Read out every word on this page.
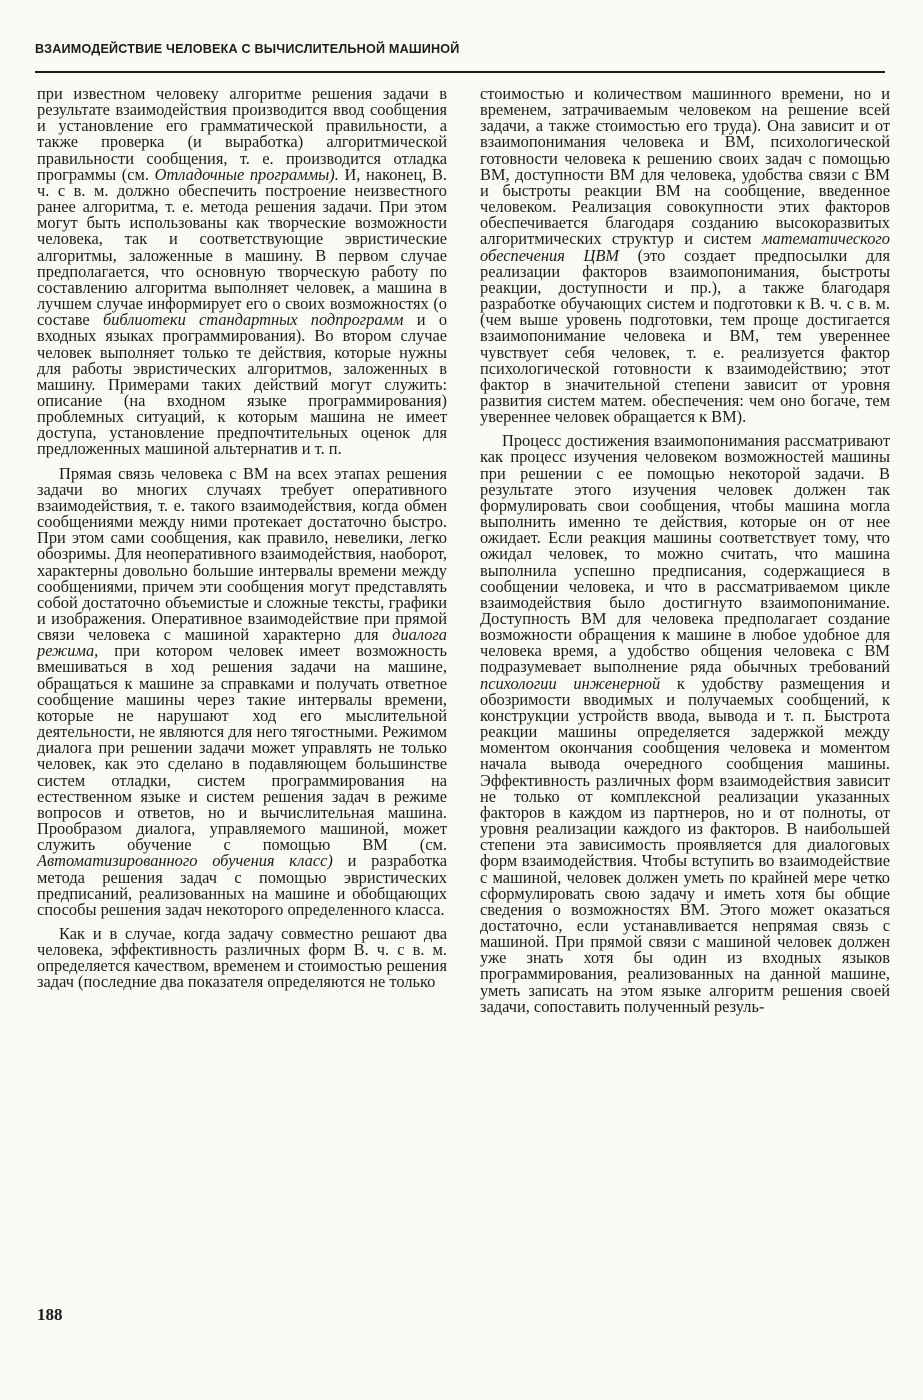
ВЗАИМОДЕЙСТВИЕ ЧЕЛОВЕКА С ВЫЧИСЛИТЕЛЬНОЙ МАШИНОЙ

при известном человеку алгоритме решения задачи в результате взаимодействия производится ввод сообщения и установление его грамматической правильности, а также проверка (и выработка) алгоритмической правильности сообщения, т. е. производится отладка программы (см. Отладочные программы). И, наконец, В. ч. с в. м. должно обеспечить построение неизвестного ранее алгоритма, т. е. метода решения задачи. При этом могут быть использованы как творческие возможности человека, так и соответствующие эвристические алгоритмы, заложенные в машину. В первом случае предполагается, что основную творческую работу по составлению алгоритма выполняет человек, а машина в лучшем случае информирует его о своих возможностях (о составе библиотеки стандартных подпрограмм и о входных языках программирования). Во втором случае человек выполняет только те действия, которые нужны для работы эвристических алгоритмов, заложенных в машину. Примерами таких действий могут служить: описание (на входном языке программирования) проблемных ситуаций, к которым машина не имеет доступа, установление предпочтительных оценок для предложенных машиной альтернатив и т. п.

Прямая связь человека с ВМ на всех этапах решения задачи во многих случаях требует оперативного взаимодействия, т. е. такого взаимодействия, когда обмен сообщениями между ними протекает достаточно быстро. При этом сами сообщения, как правило, невелики, легко обозримы. Для неоперативного взаимодействия, наоборот, характерны довольно большие интервалы времени между сообщениями, причем эти сообщения могут представлять собой достаточно объемистые и сложные тексты, графики и изображения. Оперативное взаимодействие при прямой связи человека с машиной характерно для диалога режима, при котором человек имеет возможность вмешиваться в ход решения задачи на машине, обращаться к машине за справками и получать ответное сообщение машины через такие интервалы времени, которые не нарушают ход его мыслительной деятельности, не являются для него тягостными. Режимом диалога при решении задачи может управлять не только человек, как это сделано в подавляющем большинстве систем отладки, систем программирования на естественном языке и систем решения задач в режиме вопросов и ответов, но и вычислительная машина. Прообразом диалога, управляемого машиной, может служить обучение с помощью ВМ (см. Автоматизированного обучения класс) и разработка метода решения задач с помощью эвристических предписаний, реализованных на машине и обобщающих способы решения задач некоторого определенного класса.

Как и в случае, когда задачу совместно решают два человека, эффективность различных форм В. ч. с в. м. определяется качеством, временем и стоимостью решения задач (последние два показателя определяются не только

стоимостью и количеством машинного времени, но и временем, затрачиваемым человеком на решение всей задачи, а также стоимостью его труда). Она зависит и от взаимопонимания человека и ВМ, психологической готовности человека к решению своих задач с помощью ВМ, доступности ВМ для человека, удобства связи с ВМ и быстроты реакции ВМ на сообщение, введенное человеком. Реализация совокупности этих факторов обеспечивается благодаря созданию высокоразвитых алгоритмических структур и систем математического обеспечения ЦВМ (это создает предпосылки для реализации факторов взаимопонимания, быстроты реакции, доступности и пр.), а также благодаря разработке обучающих систем и подготовки к В. ч. с в. м. (чем выше уровень подготовки, тем проще достигается взаимопонимание человека и ВМ, тем увереннее чувствует себя человек, т. е. реализуется фактор психологической готовности к взаимодействию; этот фактор в значительной степени зависит от уровня развития систем матем. обеспечения: чем оно богаче, тем увереннее человек обращается к ВМ).

Процесс достижения взаимопонимания рассматривают как процесс изучения человеком возможностей машины при решении с ее помощью некоторой задачи. В результате этого изучения человек должен так формулировать свои сообщения, чтобы машина могла выполнить именно те действия, которые он от нее ожидает. Если реакция машины соответствует тому, что ожидал человек, то можно считать, что машина выполнила успешно предписания, содержащиеся в сообщении человека, и что в рассматриваемом цикле взаимодействия было достигнуто взаимопонимание. Доступность ВМ для человека предполагает создание возможности обращения к машине в любое удобное для человека время, а удобство общения человека с ВМ подразумевает выполнение ряда обычных требований психологии инженерной к удобству размещения и обозримости вводимых и получаемых сообщений, к конструкции устройств ввода, вывода и т. п. Быстрота реакции машины определяется задержкой между моментом окончания сообщения человека и моментом начала вывода очередного сообщения машины. Эффективность различных форм взаимодействия зависит не только от комплексной реализации указанных факторов в каждом из партнеров, но и от полноты, от уровня реализации каждого из факторов. В наибольшей степени эта зависимость проявляется для диалоговых форм взаимодействия. Чтобы вступить во взаимодействие с машиной, человек должен уметь по крайней мере четко сформулировать свою задачу и иметь хотя бы общие сведения о возможностях ВМ. Этого может оказаться достаточно, если устанавливается непрямая связь с машиной. При прямой связи с машиной человек должен уже знать хотя бы один из входных языков программирования, реализованных на данной машине, уметь записать на этом языке алгоритм решения своей задачи, сопоставить полученный резуль-

188
